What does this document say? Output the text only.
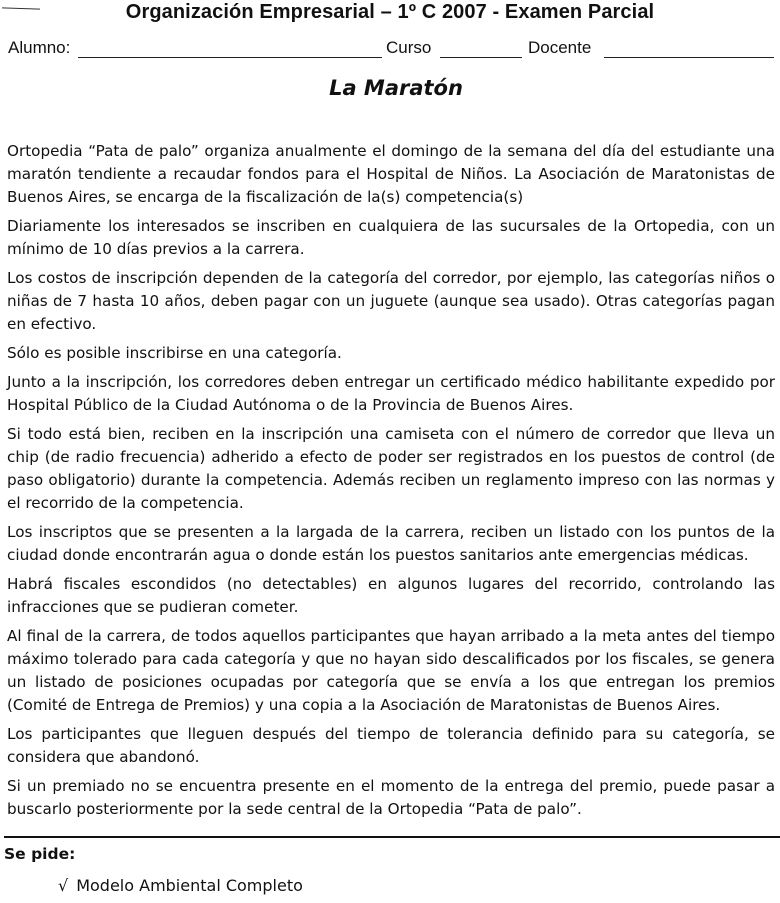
Organización Empresarial – 1º C 2007 - Examen Parcial
Alumno:	Curso	Docente
La Maratón

Ortopedia “Pata de palo” organiza anualmente el domingo de la semana del día del estudiante una maratón tendiente a recaudar fondos para el Hospital de Niños. La Asociación de Maratonistas de Buenos Aires, se encarga de la fiscalización de la(s) competencia(s)

Diariamente los interesados se inscriben en cualquiera de las sucursales de la Ortopedia, con un mínimo de 10 días previos a la carrera.

Los costos de inscripción dependen de la categoría del corredor, por ejemplo, las categorías niños o niñas de 7 hasta 10 años, deben pagar con un juguete (aunque sea usado). Otras categorías pagan en efectivo.

Sólo es posible inscribirse en una categoría.

Junto a la inscripción, los corredores deben entregar un certificado médico habilitante expedido por Hospital Público de la Ciudad Autónoma o de la Provincia de Buenos Aires.

Si todo está bien, reciben en la inscripción una camiseta con el número de corredor que lleva un chip (de radio frecuencia) adherido a efecto de poder ser registrados en los puestos de control (de paso obligatorio) durante la competencia. Además reciben un reglamento impreso con las normas y el recorrido de la competencia.

Los inscriptos que se presenten a la largada de la carrera, reciben un listado con los puntos de la ciudad donde encontrarán agua o donde están los puestos sanitarios ante emergencias médicas.

Habrá fiscales escondidos (no detectables) en algunos lugares del recorrido, controlando las infracciones que se pudieran cometer.

Al final de la carrera, de todos aquellos participantes que hayan arribado a la meta antes del tiempo máximo tolerado para cada categoría y que no hayan sido descalificados por los fiscales, se genera un listado de posiciones ocupadas por categoría que se envía a los que entregan los premios (Comité de Entrega de Premios) y una copia a la Asociación de Maratonistas de Buenos Aires.

Los participantes que lleguen después del tiempo de tolerancia definido para su categoría, se considera que abandonó.

Si un premiado no se encuentra presente en el momento de la entrega del premio, puede pasar a buscarlo posteriormente por la sede central de la Ortopedia “Pata de palo”.

Se pide:
√ Modelo Ambiental Completo
